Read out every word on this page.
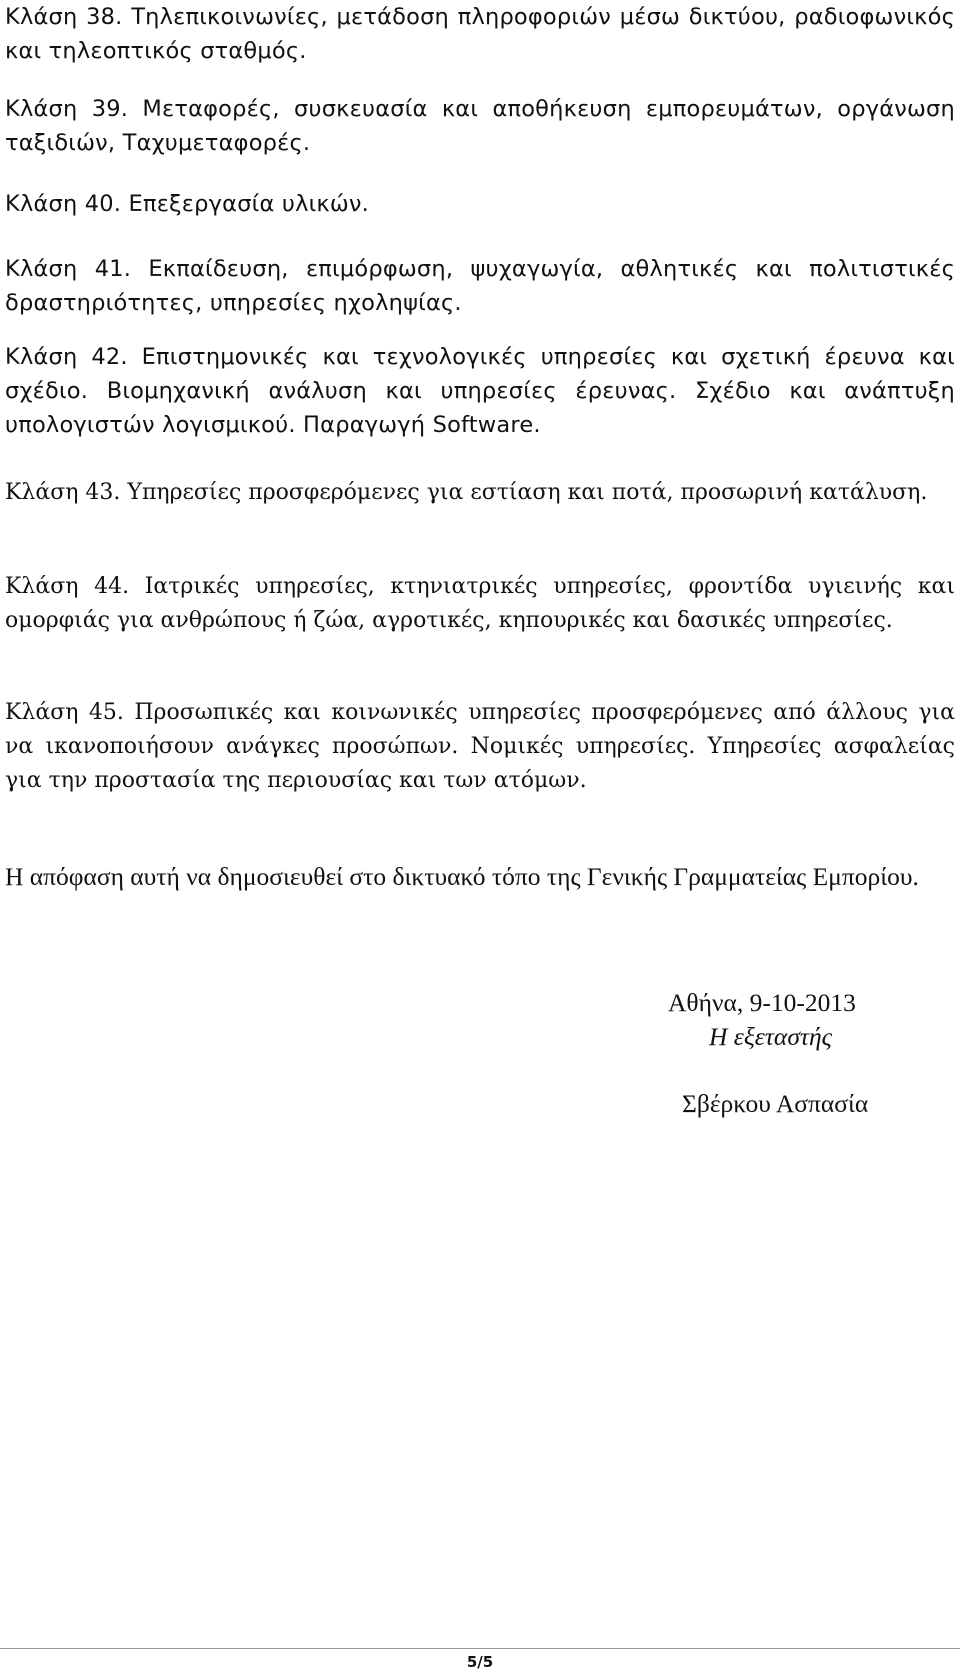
Κλάση 38. Τηλεπικοινωνίες, μετάδοση πληροφοριών μέσω δικτύου, ραδιοφωνικός και τηλεοπτικός σταθμός.

Κλάση 39. Μεταφορές, συσκευασία και αποθήκευση εμπορευμάτων, οργάνωση ταξιδιών, Ταχυμεταφορές.

Κλάση 40. Επεξεργασία υλικών.

Κλάση 41. Εκπαίδευση, επιμόρφωση, ψυχαγωγία, αθλητικές και πολιτιστικές δραστηριότητες, υπηρεσίες ηχοληψίας.

Κλάση 42. Επιστημονικές και τεχνολογικές υπηρεσίες και σχετική έρευνα και σχέδιο. Βιομηχανική ανάλυση και υπηρεσίες έρευνας. Σχέδιο και ανάπτυξη υπολογιστών λογισμικού. Παραγωγή Software.

Κλάση 43. Υπηρεσίες προσφερόμενες για εστίαση και ποτά, προσωρινή κατάλυση.

Κλάση 44. Ιατρικές υπηρεσίες, κτηνιατρικές υπηρεσίες, φροντίδα υγιεινής και ομορφιάς για ανθρώπους ή ζώα, αγροτικές, κηπουρικές και δασικές υπηρεσίες.

Κλάση 45. Προσωπικές και κοινωνικές υπηρεσίες προσφερόμενες από άλλους για να ικανοποιήσουν ανάγκες προσώπων. Νομικές υπηρεσίες. Υπηρεσίες ασφαλείας για την προστασία της περιουσίας και των ατόμων.

Η απόφαση αυτή να δημοσιευθεί στο δικτυακό τόπο της Γενικής Γραμματείας Εμπορίου.

Αθήνα, 9-10-2013
Η εξεταστής
Σβέρκου Ασπασία
5/5
